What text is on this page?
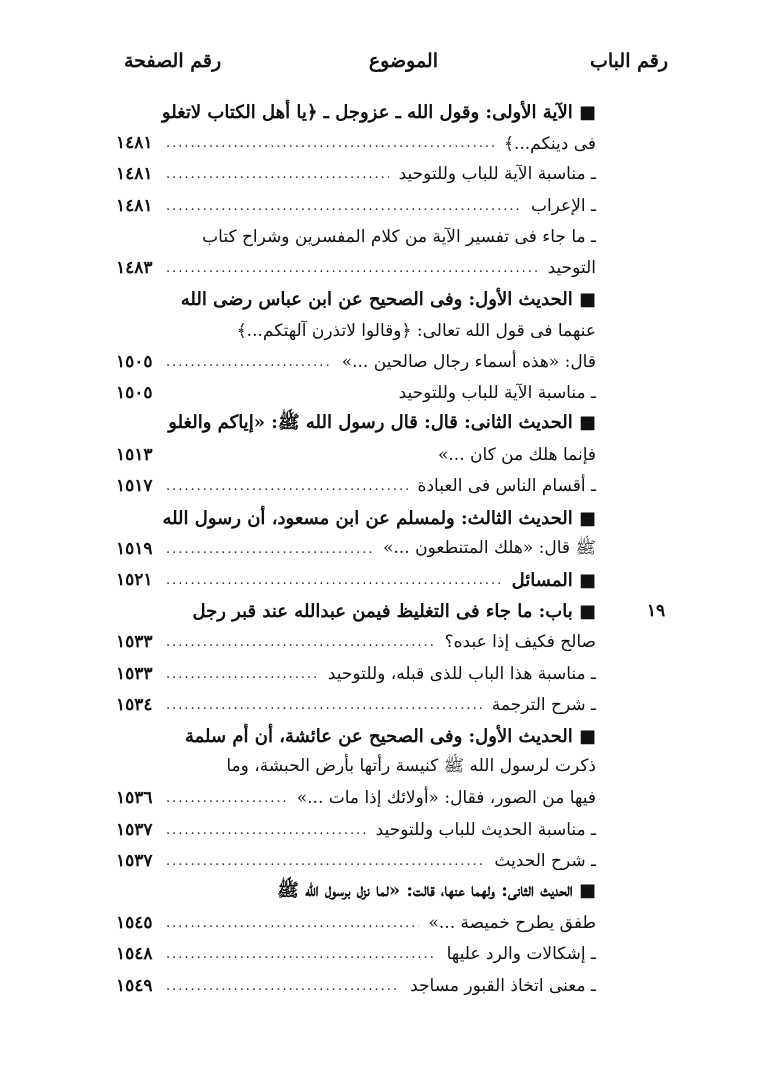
رقم الباب
الموضوع
رقم الصفحة
■ الآية الأولى: وقول الله ـ عزوجل ـ ﴿يا أهل الكتاب لاتغلو
فى دينكم...﴾
.....
١٤٨١
ـ مناسبة الآية للباب وللتوحيد
.....
١٤٨١
ـ الإعراب
.....
١٤٨١
ـ ما جاء فى تفسير الآية من كلام المفسرين وشراح كتاب
التوحيد
.....
١٤٨٣
■ الحديث الأول: وفى الصحيح عن ابن عباس رضى الله
عنهما فى قول الله تعالى: ﴿وقالوا لاتذرن آلهتكم...﴾
قال: «هذه أسماء رجال صالحين ...»
.....
١٥٠٥
ـ مناسبة الآية للباب وللتوحيد
١٥٠٥
■ الحديث الثانى: قال: قال رسول الله ﷺ: «إياكم والغلو
فإنما هلك من كان ...»
١٥١٣
ـ أقسام الناس فى العبادة
.....
١٥١٧
■ الحديث الثالث: ولمسلم عن ابن مسعود، أن رسول الله
ﷺ قال: «هلك المتنطعون ...»
.....
١٥١٩
■ المسائل
.....
١٥٢١
■ باب: ما جاء فى التغليظ فيمن عبدالله عند قبر رجل	١٩
صالح فكيف إذا عبده؟
.....
١٥٣٣
ـ مناسبة هذا الباب للذى قبله، وللتوحيد
.....
١٥٣٣
ـ شرح الترجمة
.....
١٥٣٤
■ الحديث الأول: وفى الصحيح عن عائشة، أن أم سلمة
ذكرت لرسول الله ﷺ كنيسة رأتها بأرض الحبشة، وما
فيها من الصور، فقال: «أولائك إذا مات ...»
.....
١٥٣٦
ـ مناسبة الحديث للباب وللتوحيد
.....
١٥٣٧
ـ شرح الحديث
.....
١٥٣٧
■ الحديث الثانى: ولهما عنها، قالت: «لما نزل برسول الله ﷺ
طفق يطرح خميصة ...»
.....
١٥٤٥
ـ إشكالات والرد عليها
.....
١٥٤٨
ـ معنى اتخاذ القبور مساجد
.....
١٥٤٩
